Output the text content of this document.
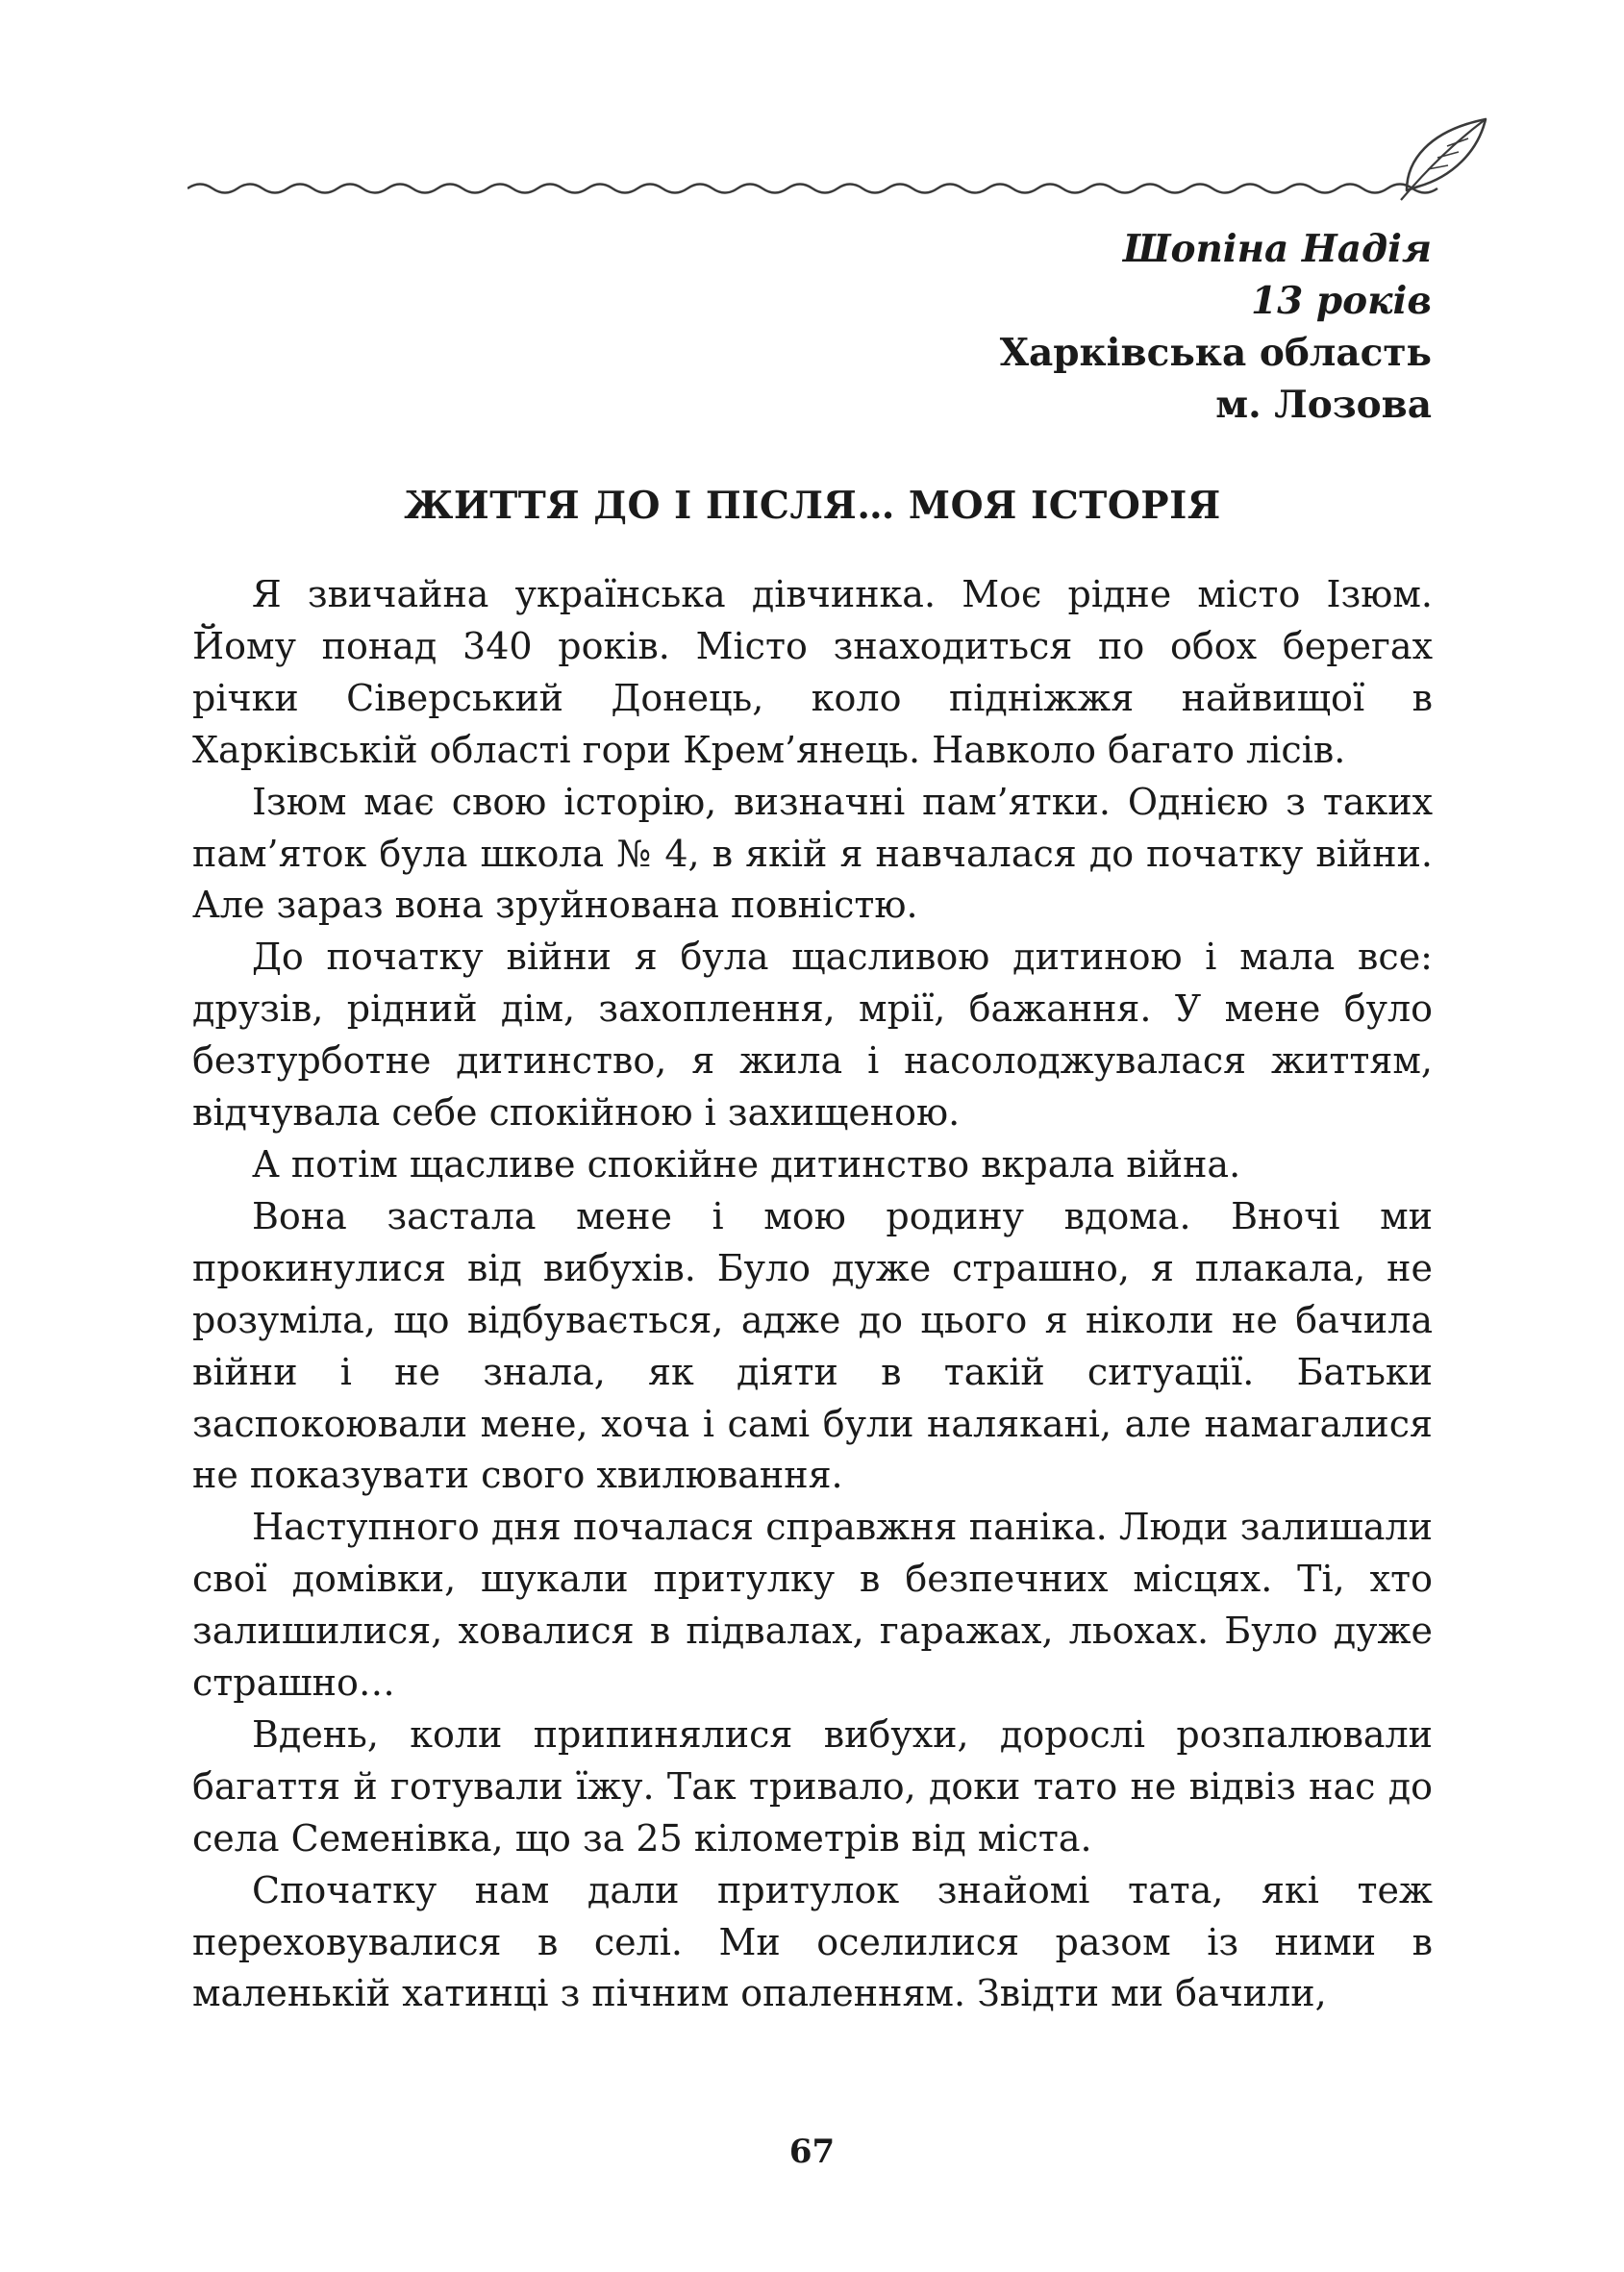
Шопіна Надія
13 років
Харківська область
м. Лозова
ЖИТТЯ ДО І ПІСЛЯ… МОЯ ІСТОРІЯ

Я звичайна українська дівчинка. Моє рідне місто Ізюм. Йому понад 340 років. Місто знаходиться по обох берегах річки Сіверський Донець, коло підніжжя найвищої в Харківській області гори Крем’янець. Навколо багато лісів.

Ізюм має свою історію, визначні пам’ятки. Однією з таких пам’яток була школа № 4, в якій я навчалася до початку війни. Але зараз вона зруйнована повністю.

До початку війни я була щасливою дитиною і мала все: друзів, рідний дім, захоплення, мрії, бажання. У мене було безтурботне дитинство, я жила і насолоджувалася життям, відчувала себе спокійною і захищеною.

А потім щасливе спокійне дитинство вкрала війна.

Вона застала мене і мою родину вдома. Вночі ми прокинулися від вибухів. Було дуже страшно, я плакала, не розуміла, що відбувається, адже до цього я ніколи не бачила війни і не знала, як діяти в такій ситуації. Батьки заспокоювали мене, хоча і самі були налякані, але намагалися не показувати свого хвилювання.

Наступного дня почалася справжня паніка. Люди залишали свої домівки, шукали притулку в безпечних місцях. Ті, хто залишилися, ховалися в підвалах, гаражах, льохах. Було дуже страшно…

Вдень, коли припинялися вибухи, дорослі розпалювали багаття й готували їжу. Так тривало, доки тато не відвіз нас до села Семенівка, що за 25 кілометрів від міста.

Спочатку нам дали притулок знайомі тата, які теж переховувалися в селі. Ми оселилися разом із ними в маленькій хатинці з пічним опаленням. Звідти ми бачили,

67
